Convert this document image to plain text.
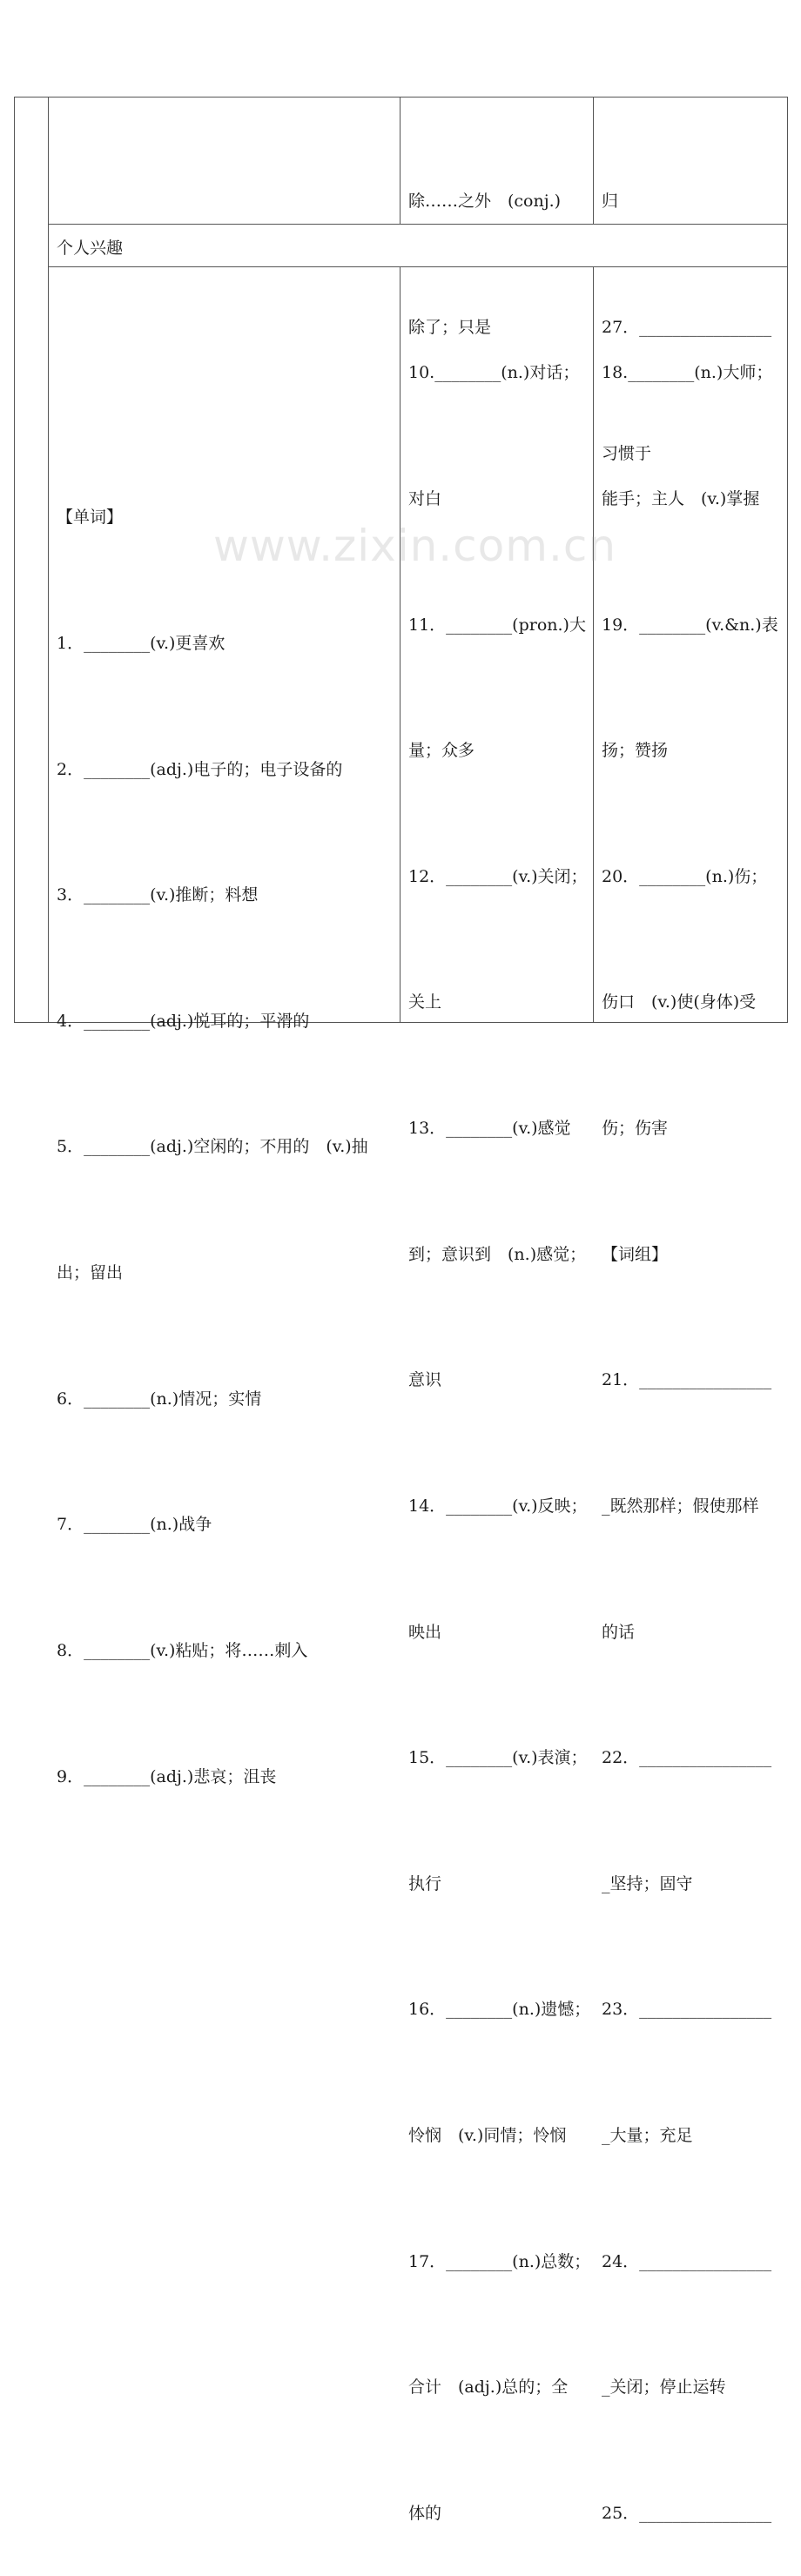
除……之外　(conj.)

除了；只是

归

27．________________

习惯于

个人兴趣

【单词】

1．________(v.)更喜欢

2．________(adj.)电子的；电子设备的

3．________(v.)推断；料想

4．________(adj.)悦耳的；平滑的

5．________(adj.)空闲的；不用的　(v.)抽

出；留出

6．________(n.)情况；实情

7．________(n.)战争

8．________(v.)粘贴；将……刺入

9．________(adj.)悲哀；沮丧

10.________(n.)对话；

对白

11．________(pron.)大

量；众多

12．________(v.)关闭；

关上

13．________(v.)感觉

到；意识到　(n.)感觉；

意识

14．________(v.)反映；

映出

15．________(v.)表演；

执行

16．________(n.)遗憾；

怜悯　(v.)同情；怜悯

17．________(n.)总数；

合计　(adj.)总的；全

体的

18.________(n.)大师；

能手；主人　(v.)掌握

19．________(v.&n.)表

扬；赞扬

20．________(n.)伤；

伤口　(v.)使(身体)受

伤；伤害

【词组】

21．________________

_既然那样；假使那样

的话

22．________________

_坚持；固守

23．________________

_大量；充足

24．________________

_关闭；停止运转

25．________________

www.zixin.com.cn
